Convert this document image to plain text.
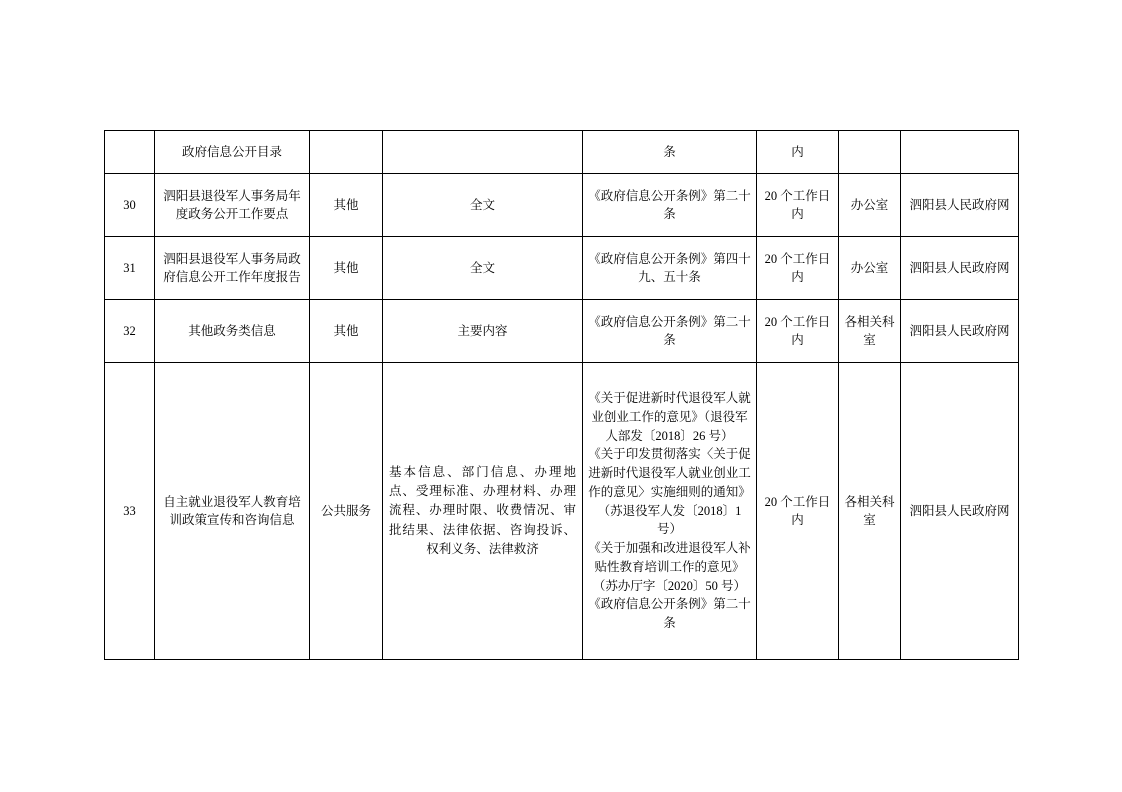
	政府信息公开目录			条	内		
30	泗阳县退役军人事务局年度政务公开工作要点	其他	全文	《政府信息公开条例》第二十条	20 个工作日内	办公室	泗阳县人民政府网
31	泗阳县退役军人事务局政府信息公开工作年度报告	其他	全文	《政府信息公开条例》第四十九、五十条	20 个工作日内	办公室	泗阳县人民政府网
32	其他政务类信息	其他	主要内容	《政府信息公开条例》第二十条	20 个工作日内	各相关科室	泗阳县人民政府网
33	自主就业退役军人教育培训政策宣传和咨询信息	公共服务	基本信息、部门信息、办理地点、受理标准、办理材料、办理流程、办理时限、收费情况、审批结果、法律依据、咨询投诉、权利义务、法律救济	《关于促进新时代退役军人就业创业工作的意见》（退役军人部发〔2018〕26 号）
《关于印发贯彻落实〈关于促进新时代退役军人就业创业工作的意见〉实施细则的通知》（苏退役军人发〔2018〕1 号）
《关于加强和改进退役军人补贴性教育培训工作的意见》（苏办厅字〔2020〕50 号）
《政府信息公开条例》第二十条	20 个工作日内	各相关科室	泗阳县人民政府网
